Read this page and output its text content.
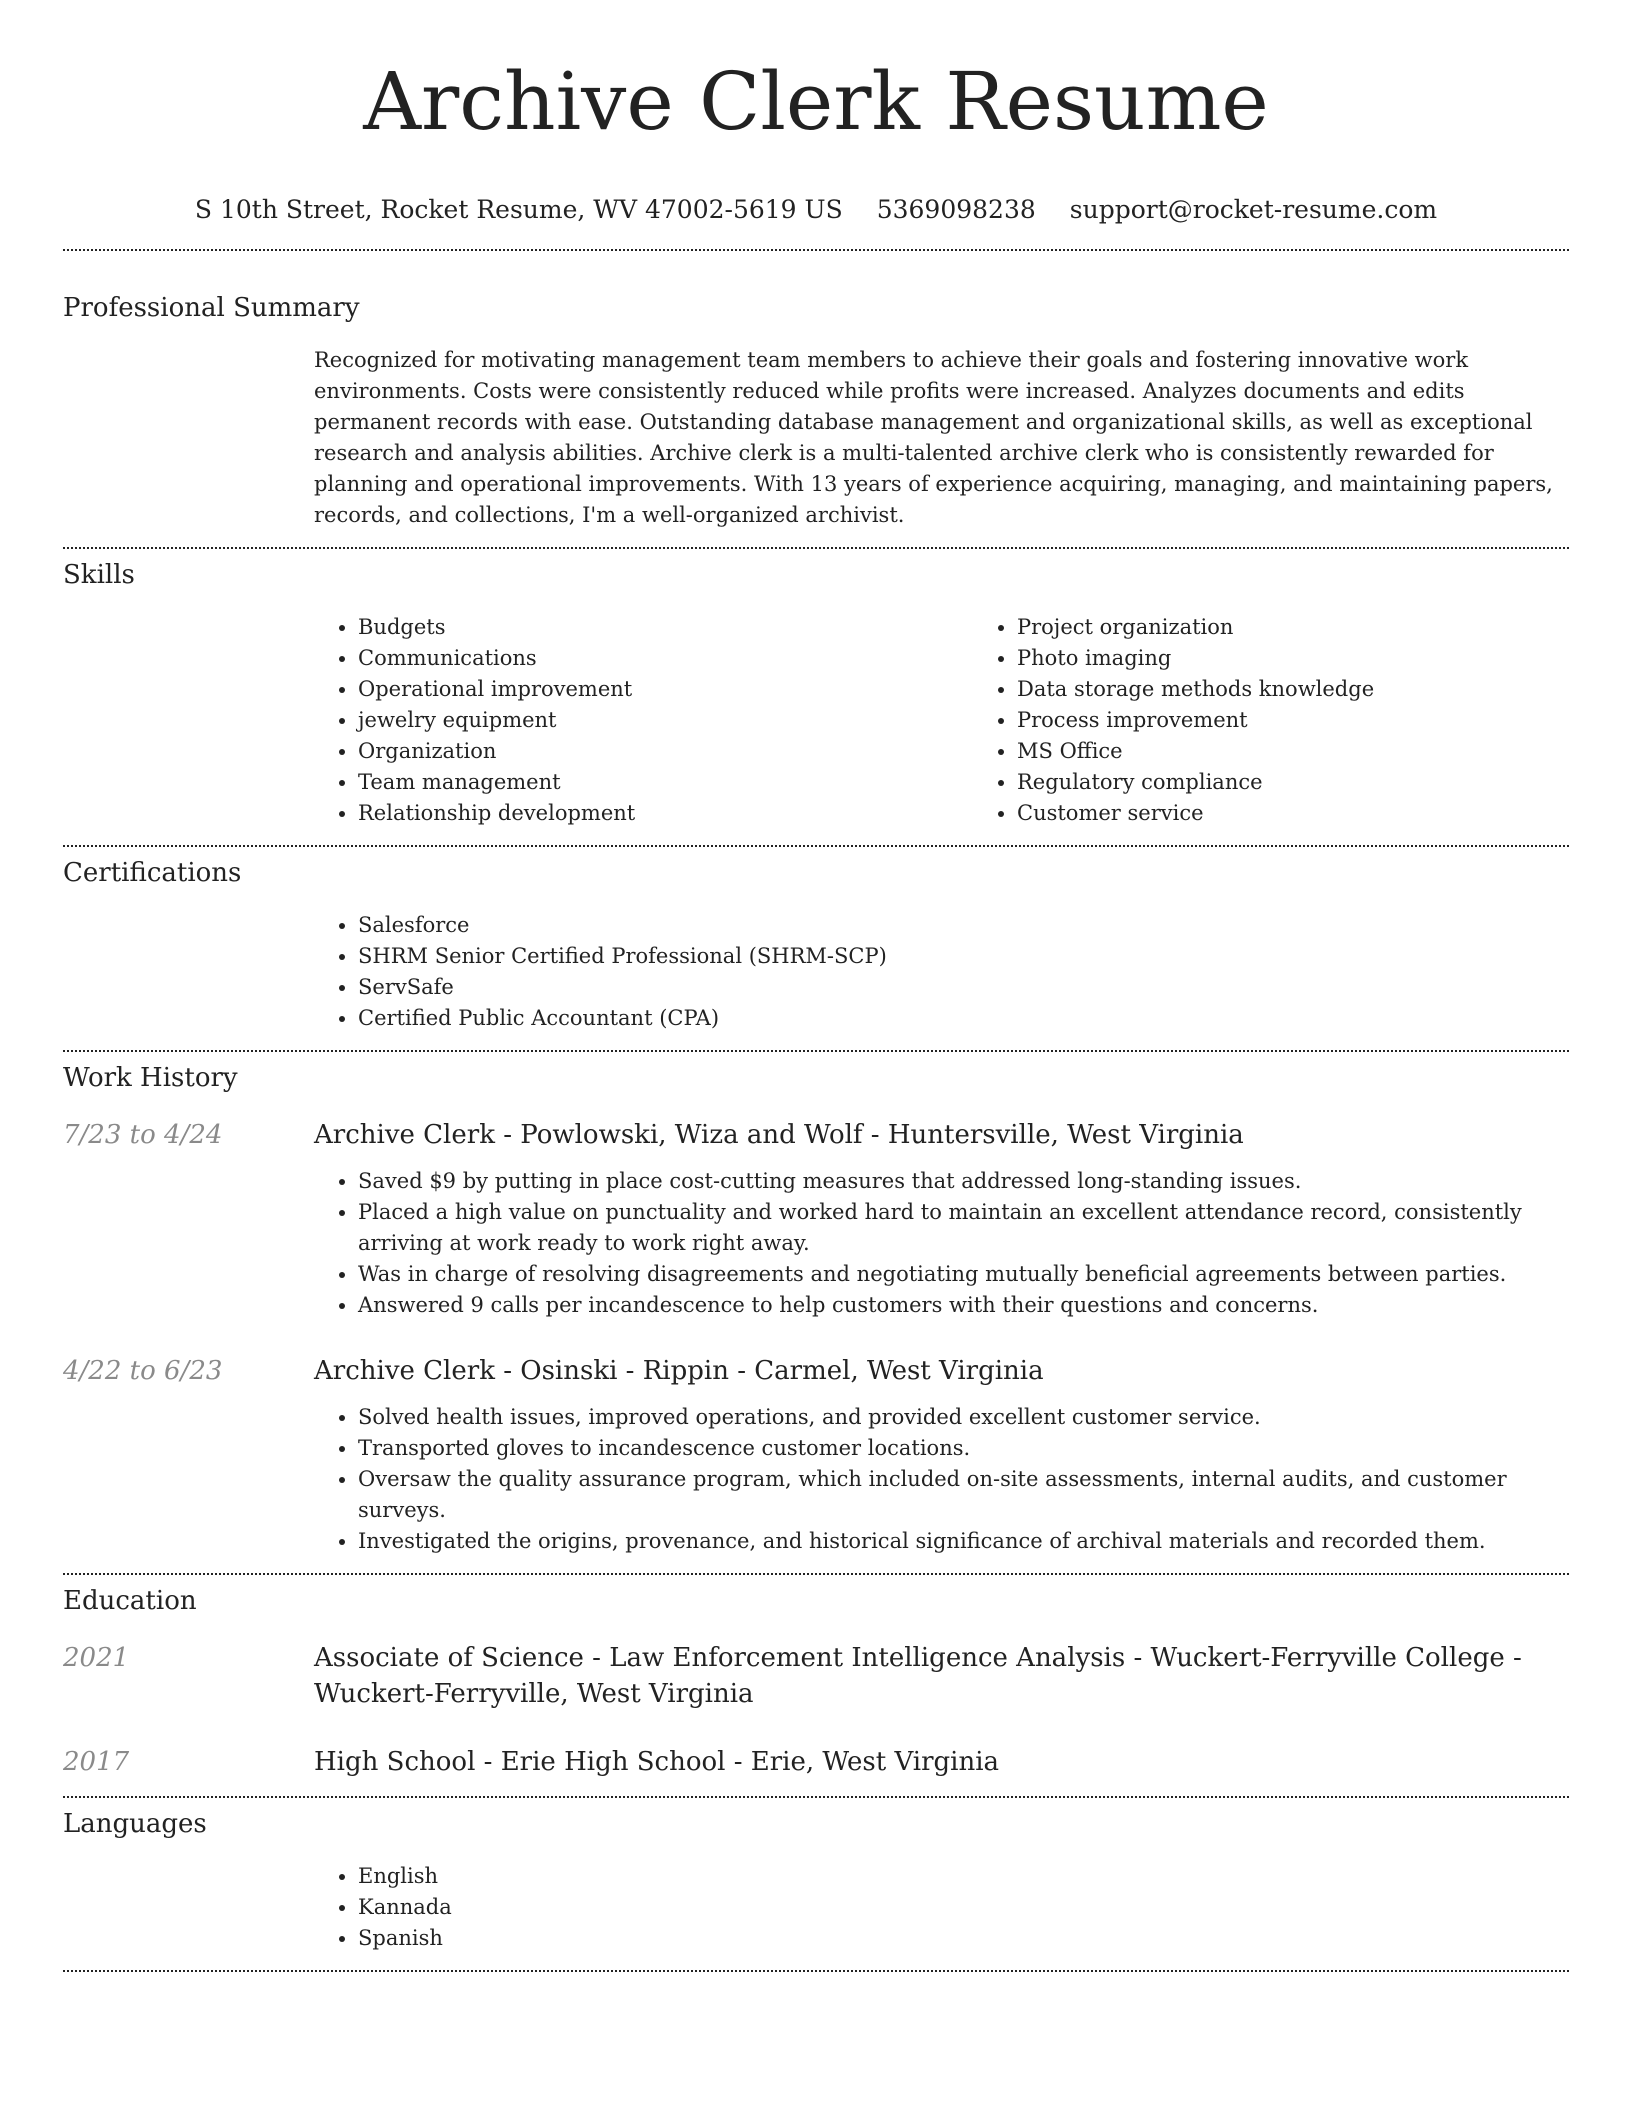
Archive Clerk Resume
S 10th Street, Rocket Resume, WV 47002-5619 US 5369098238 support@rocket-resume.com
Professional Summary
Recognized for motivating management team members to achieve their goals and fostering innovative work environments. Costs were consistently reduced while profits were increased. Analyzes documents and edits permanent records with ease. Outstanding database management and organizational skills, as well as exceptional research and analysis abilities. Archive clerk is a multi-talented archive clerk who is consistently rewarded for planning and operational improvements. With 13 years of experience acquiring, managing, and maintaining papers, records, and collections, I'm a well-organized archivist.
Skills
• Budgets
• Communications
• Operational improvement
• jewelry equipment
• Organization
• Team management
• Relationship development
• Project organization
• Photo imaging
• Data storage methods knowledge
• Process improvement
• MS Office
• Regulatory compliance
• Customer service
Certifications
• Salesforce
• SHRM Senior Certified Professional (SHRM-SCP)
• ServSafe
• Certified Public Accountant (CPA)
Work History
7/23 to 4/24	Archive Clerk - Powlowski, Wiza and Wolf - Huntersville, West Virginia
• Saved $9 by putting in place cost-cutting measures that addressed long-standing issues.
• Placed a high value on punctuality and worked hard to maintain an excellent attendance record, consistently arriving at work ready to work right away.
• Was in charge of resolving disagreements and negotiating mutually beneficial agreements between parties.
• Answered 9 calls per incandescence to help customers with their questions and concerns.
4/22 to 6/23	Archive Clerk - Osinski - Rippin - Carmel, West Virginia
• Solved health issues, improved operations, and provided excellent customer service.
• Transported gloves to incandescence customer locations.
• Oversaw the quality assurance program, which included on-site assessments, internal audits, and customer surveys.
• Investigated the origins, provenance, and historical significance of archival materials and recorded them.
Education
2021	Associate of Science - Law Enforcement Intelligence Analysis - Wuckert-Ferryville College - Wuckert-Ferryville, West Virginia
2017	High School - Erie High School - Erie, West Virginia
Languages
• English
• Kannada
• Spanish
